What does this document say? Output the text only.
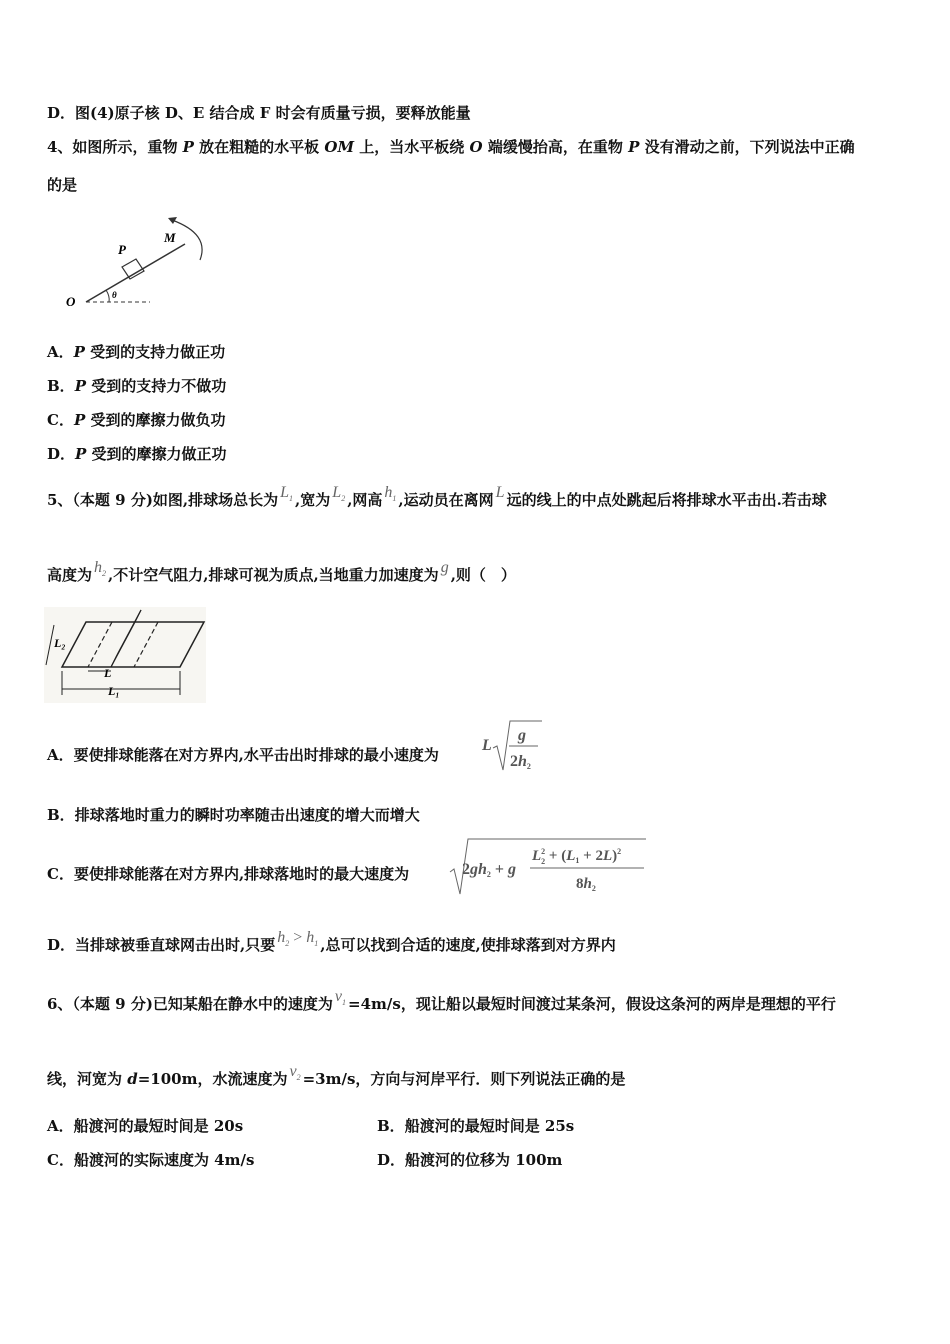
D．图(4)原子核 D、E 结合成 F 时会有质量亏损，要释放能量
4、如图所示，重物 P 放在粗糙的水平板 OM 上，当水平板绕 O 端缓慢抬高，在重物 P 没有滑动之前，下列说法中正确
的是
O
P
M
θ
A．P 受到的支持力做正功
B．P 受到的支持力不做功
C．P 受到的摩擦力做负功
D．P 受到的摩擦力做正功
5、（本题 9 分)如图,排球场总长为 $L_1$ ,宽为 $L_2$ ,网高 $h_1$ ,运动员在离网 L 远的线上的中点处跳起后将排球水平击出.若击球
高度为 $h_2$ ,不计空气阻力,排球可视为质点,当地重力加速度为 g ,则（　）
L₂
L
L₁
A．要使排球能落在对方界内,水平击出时排球的最小速度为
L
g
2h2
B．排球落地时重力的瞬时功率随击出速度的增大而增大
C．要使排球能落在对方界内,排球落地时的最大速度为	2gh2 + g
$L^2$ $2 + (L_1 + 2L)^2$
$8h_2$
D．当排球被垂直球网击出时,只要 $h_2 > h_1$ ,总可以找到合适的速度,使排球落到对方界内
6、（本题 9 分)已知某船在静水中的速度为 $v_1 =4m/s$，现让船以最短时间渡过某条河，假设这条河的两岸是理想的平行
线，河宽为 d=100m，水流速度为 $v_2 =3m/s$，方向与河岸平行．则下列说法正确的是
A．船渡河的最短时间是 20s	B．船渡河的最短时间是 25s
C．船渡河的实际速度为 4m/s	D．船渡河的位移为 100m
